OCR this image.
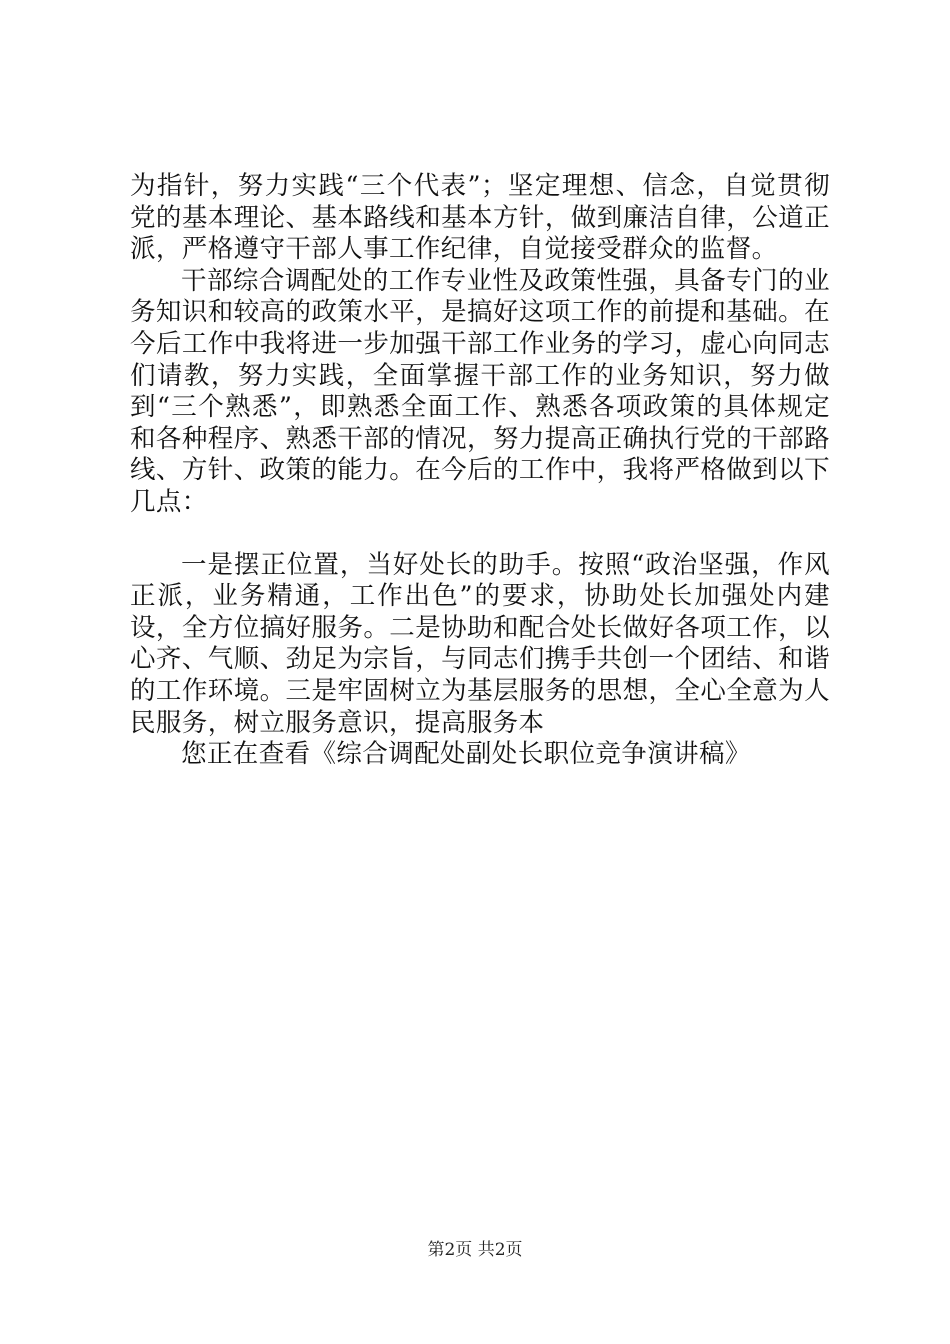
为指针，努力实践“三个代表”；坚定理想、信念，自觉贯彻党的基本理论、基本路线和基本方针，做到廉洁自律，公道正派，严格遵守干部人事工作纪律，自觉接受群众的监督。

干部综合调配处的工作专业性及政策性强，具备专门的业务知识和较高的政策水平，是搞好这项工作的前提和基础。在今后工作中我将进一步加强干部工作业务的学习，虚心向同志们请教，努力实践，全面掌握干部工作的业务知识，努力做到“三个熟悉”，即熟悉全面工作、熟悉各项政策的具体规定和各种程序、熟悉干部的情况，努力提高正确执行党的干部路线、方针、政策的能力。在今后的工作中，我将严格做到以下几点：

一是摆正位置，当好处长的助手。按照“政治坚强，作风正派，业务精通，工作出色”的要求，协助处长加强处内建设，全方位搞好服务。二是协助和配合处长做好各项工作，以心齐、气顺、劲足为宗旨，与同志们携手共创一个团结、和谐的工作环境。三是牢固树立为基层服务的思想，全心全意为人民服务，树立服务意识，提高服务本

您正在查看《综合调配处副处长职位竞争演讲稿》

第2页 共2页
